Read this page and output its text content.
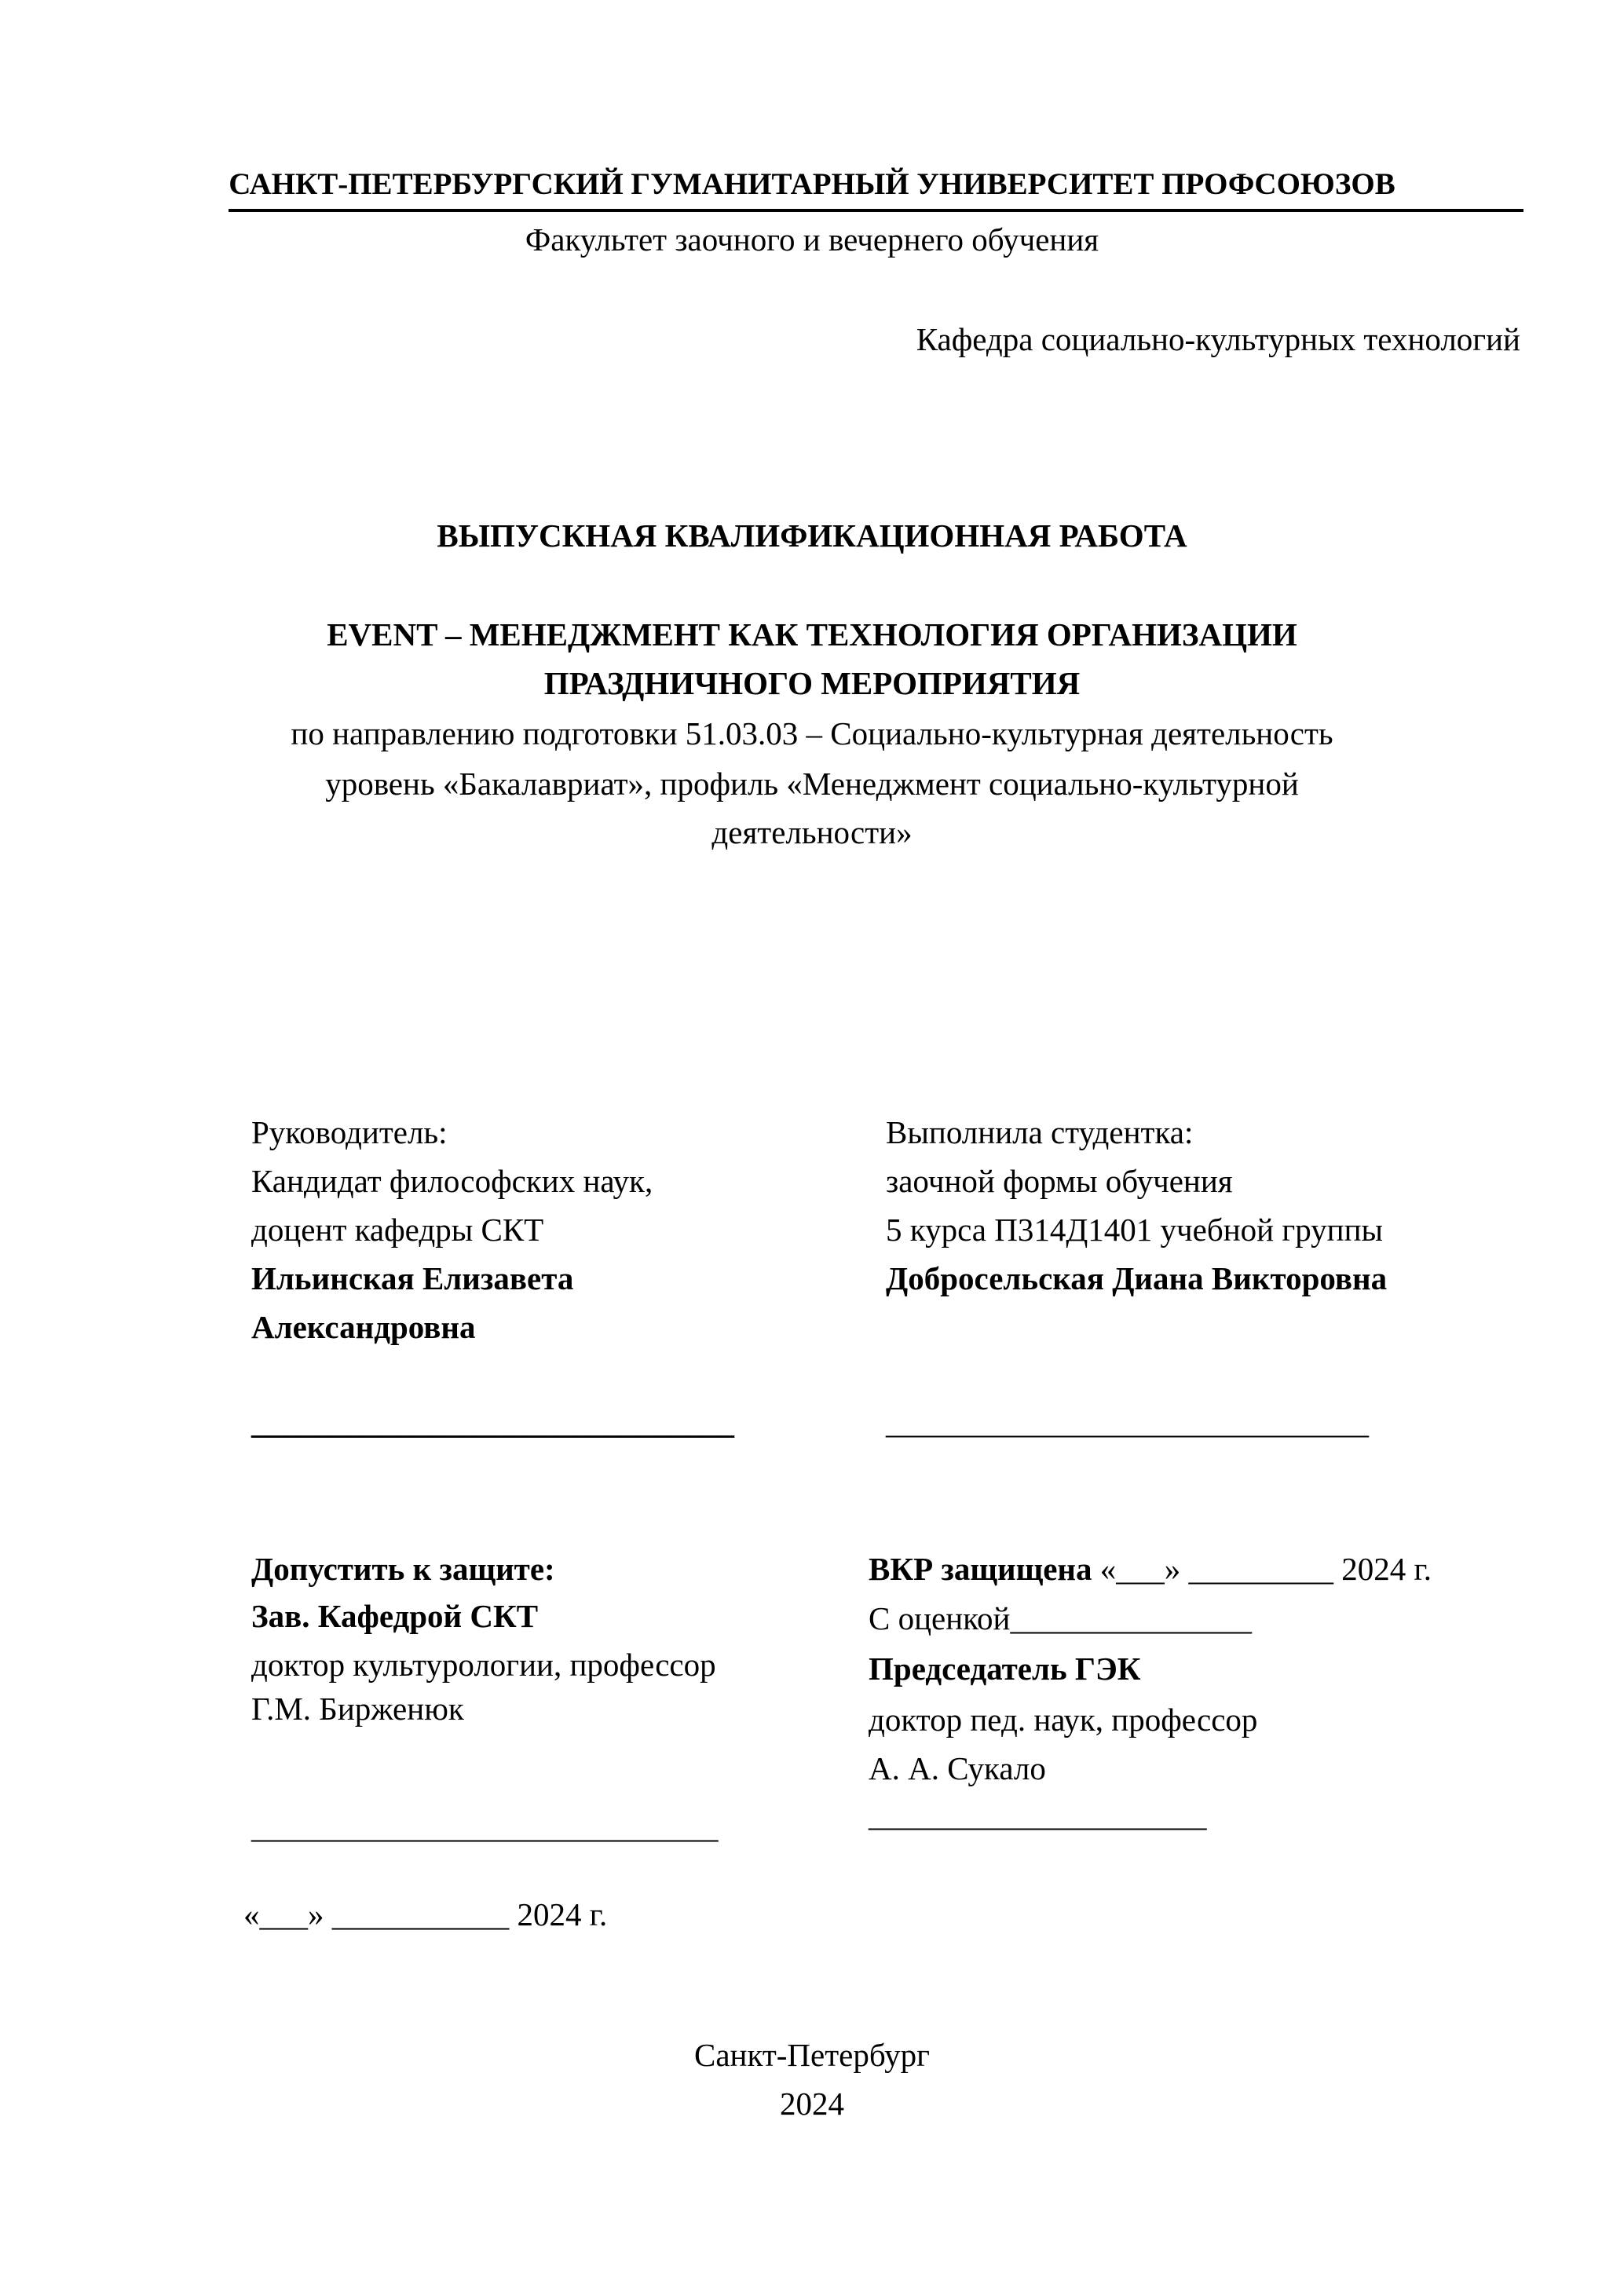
САНКТ-ПЕТЕРБУРГСКИЙ ГУМАНИТАРНЫЙ УНИВЕРСИТЕТ ПРОФСОЮЗОВ
Факультет заочного и вечернего обучения
Кафедра социально-культурных технологий
ВЫПУСКНАЯ КВАЛИФИКАЦИОННАЯ РАБОТА
EVENT – МЕНЕДЖМЕНТ КАК ТЕХНОЛОГИЯ ОРГАНИЗАЦИИ
ПРАЗДНИЧНОГО МЕРОПРИЯТИЯ
по направлению подготовки 51.03.03 – Социально-культурная деятельность
уровень «Бакалавриат», профиль «Менеджмент социально-культурной
деятельности»
Руководитель:
Кандидат философских наук,
доцент кафедры СКТ
Ильинская Елизавета
Александровна
______________________________
Выполнила студентка:
заочной формы обучения
5 курса П314Д1401 учебной группы
Добросельская Диана Викторовна
______________________________
Допустить к защите:
Зав. Кафедрой СКТ
доктор культурологии, профессор
Г.М. Бирженюк
_____________________________
«___» ___________ 2024 г.
ВКР защищена «___» _________ 2024 г.
С оценкой_______________
Председатель ГЭК
доктор пед. наук, профессор
А. А. Сукало
_____________________
Санкт-Петербург
2024
